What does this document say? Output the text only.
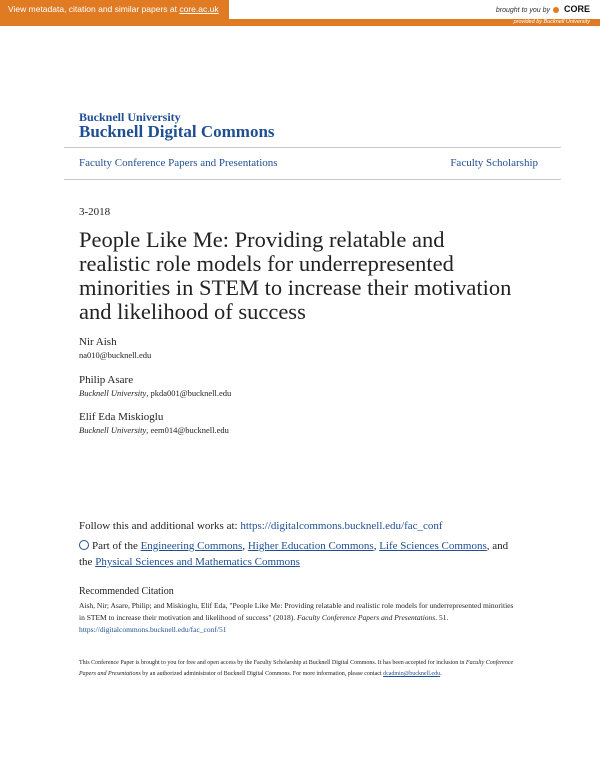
View metadata, citation and similar papers at core.ac.uk	brought to you by CORE
provided by Bucknell University
Bucknell University
Bucknell Digital Commons
Faculty Conference Papers and Presentations	Faculty Scholarship
3-2018
People Like Me: Providing relatable and realistic role models for underrepresented minorities in STEM to increase their motivation and likelihood of success
Nir Aish
na010@bucknell.edu
Philip Asare
Bucknell University, pkda001@bucknell.edu
Elif Eda Miskioglu
Bucknell University, eem014@bucknell.edu
Follow this and additional works at: https://digitalcommons.bucknell.edu/fac_conf
Part of the Engineering Commons, Higher Education Commons, Life Sciences Commons, and
the Physical Sciences and Mathematics Commons
Recommended Citation
Aish, Nir; Asare, Philip; and Miskioglu, Elif Eda, "People Like Me: Providing relatable and realistic role models for underrepresented minorities in STEM to increase their motivation and likelihood of success" (2018). Faculty Conference Papers and Presentations. 51.
https://digitalcommons.bucknell.edu/fac_conf/51
This Conference Paper is brought to you for free and open access by the Faculty Scholarship at Bucknell Digital Commons. It has been accepted for inclusion in Faculty Conference Papers and Presentations by an authorized administrator of Bucknell Digital Commons. For more information, please contact dcadmin@bucknell.edu.
